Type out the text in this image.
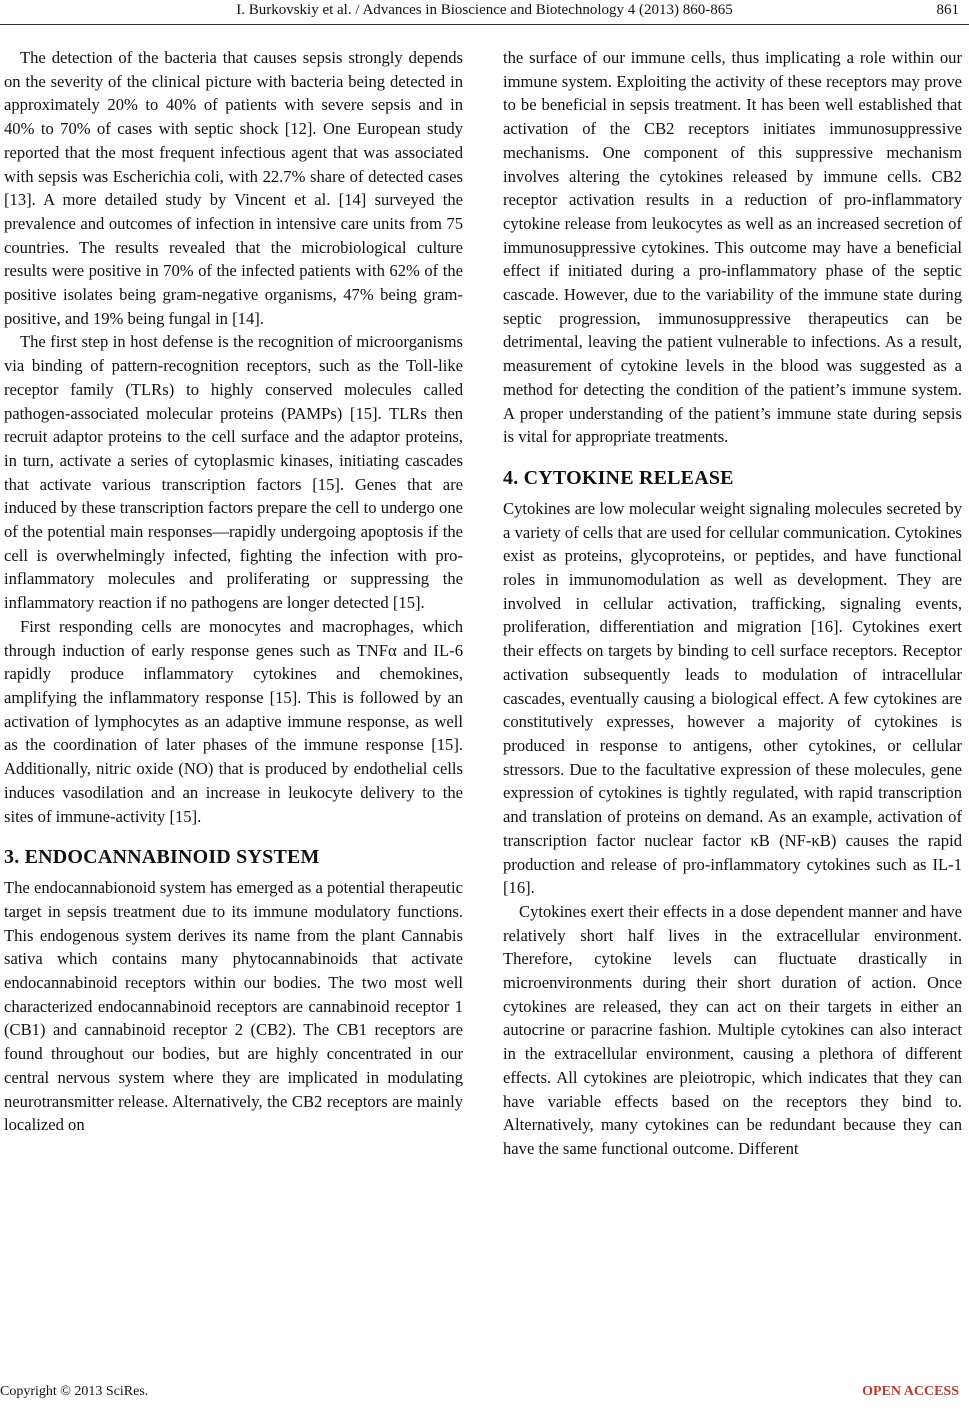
I. Burkovskiy et al. / Advances in Bioscience and Biotechnology 4 (2013) 860-865	861

The detection of the bacteria that causes sepsis strongly depends on the severity of the clinical picture with bacteria being detected in approximately 20% to 40% of patients with severe sepsis and in 40% to 70% of cases with septic shock [12]. One European study reported that the most frequent infectious agent that was associated with sepsis was Escherichia coli, with 22.7% share of detected cases [13]. A more detailed study by Vincent et al. [14] surveyed the prevalence and outcomes of infection in intensive care units from 75 countries. The results revealed that the microbiological culture results were positive in 70% of the infected patients with 62% of the positive isolates being gram-negative organisms, 47% being gram-positive, and 19% being fungal in [14].

The first step in host defense is the recognition of microorganisms via binding of pattern-recognition receptors, such as the Toll-like receptor family (TLRs) to highly conserved molecules called pathogen-associated molecular proteins (PAMPs) [15]. TLRs then recruit adaptor proteins to the cell surface and the adaptor proteins, in turn, activate a series of cytoplasmic kinases, initiating cascades that activate various transcription factors [15]. Genes that are induced by these transcription factors prepare the cell to undergo one of the potential main responses—rapidly undergoing apoptosis if the cell is overwhelmingly infected, fighting the infection with pro-inflammatory molecules and proliferating or suppressing the inflammatory reaction if no pathogens are longer detected [15].

First responding cells are monocytes and macrophages, which through induction of early response genes such as TNFα and IL-6 rapidly produce inflammatory cytokines and chemokines, amplifying the inflammatory response [15]. This is followed by an activation of lymphocytes as an adaptive immune response, as well as the coordination of later phases of the immune response [15]. Additionally, nitric oxide (NO) that is produced by endothelial cells induces vasodilation and an increase in leukocyte delivery to the sites of immune-activity [15].

3. ENDOCANNABINOID SYSTEM

The endocannabionoid system has emerged as a potential therapeutic target in sepsis treatment due to its immune modulatory functions. This endogenous system derives its name from the plant Cannabis sativa which contains many phytocannabinoids that activate endocannabinoid receptors within our bodies. The two most well characterized endocannabinoid receptors are cannabinoid receptor 1 (CB1) and cannabinoid receptor 2 (CB2). The CB1 receptors are found throughout our bodies, but are highly concentrated in our central nervous system where they are implicated in modulating neurotransmitter release. Alternatively, the CB2 receptors are mainly localized on

the surface of our immune cells, thus implicating a role within our immune system. Exploiting the activity of these receptors may prove to be beneficial in sepsis treatment. It has been well established that activation of the CB2 receptors initiates immunosuppressive mechanisms. One component of this suppressive mechanism involves altering the cytokines released by immune cells. CB2 receptor activation results in a reduction of pro-inflammatory cytokine release from leukocytes as well as an increased secretion of immunosuppressive cytokines. This outcome may have a beneficial effect if initiated during a pro-inflammatory phase of the septic cascade. However, due to the variability of the immune state during septic progression, immunosuppressive therapeutics can be detrimental, leaving the patient vulnerable to infections. As a result, measurement of cytokine levels in the blood was suggested as a method for detecting the condition of the patient’s immune system. A proper understanding of the patient’s immune state during sepsis is vital for appropriate treatments.

4. CYTOKINE RELEASE

Cytokines are low molecular weight signaling molecules secreted by a variety of cells that are used for cellular communication. Cytokines exist as proteins, glycoproteins, or peptides, and have functional roles in immunomodulation as well as development. They are involved in cellular activation, trafficking, signaling events, proliferation, differentiation and migration [16]. Cytokines exert their effects on targets by binding to cell surface receptors. Receptor activation subsequently leads to modulation of intracellular cascades, eventually causing a biological effect. A few cytokines are constitutively expresses, however a majority of cytokines is produced in response to antigens, other cytokines, or cellular stressors. Due to the facultative expression of these molecules, gene expression of cytokines is tightly regulated, with rapid transcription and translation of proteins on demand. As an example, activation of transcription factor nuclear factor κB (NF-κB) causes the rapid production and release of pro-inflammatory cytokines such as IL-1 [16].

Cytokines exert their effects in a dose dependent manner and have relatively short half lives in the extracellular environment. Therefore, cytokine levels can fluctuate drastically in microenvironments during their short duration of action. Once cytokines are released, they can act on their targets in either an autocrine or paracrine fashion. Multiple cytokines can also interact in the extracellular environment, causing a plethora of different effects. All cytokines are pleiotropic, which indicates that they can have variable effects based on the receptors they bind to. Alternatively, many cytokines can be redundant because they can have the same functional outcome. Different

Copyright © 2013 SciRes.	OPEN ACCESS
